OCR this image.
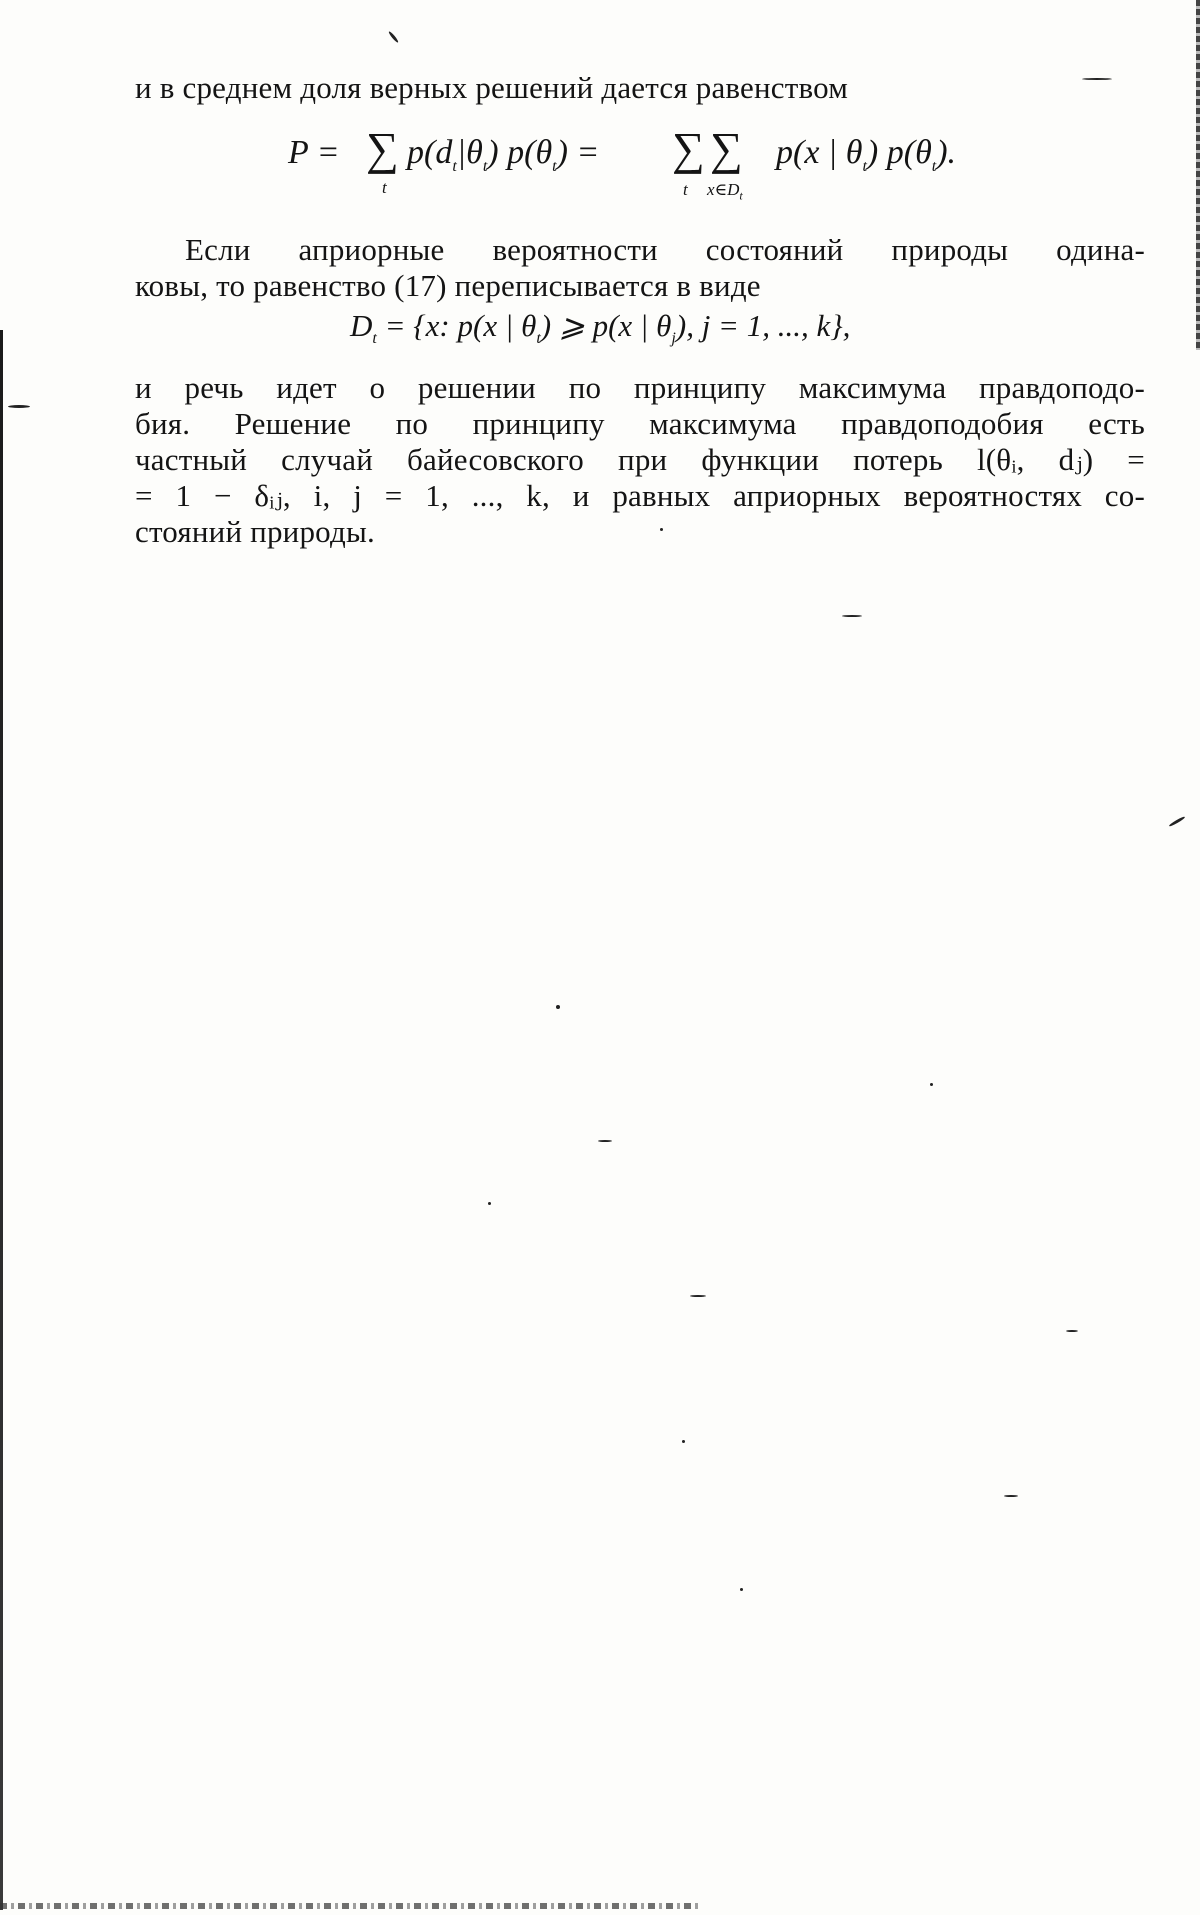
и в среднем доля верных решений дается равенством
P = ∑
t
$p(d_t|\theta_t) p(\theta_t)$ = ∑
t
∑
$x\in D_t$
p(x | $\theta_t$) $p(\theta_t)$.
Если априорные вероятности состояний природы одина-
ковы, то равенство (17) переписывается в виде
$D_t = \{x$: p(x | $\theta_t$) ⩾ p(x | $\theta_j$), j = 1, ..., k},
и речь идет о решении по принципу максимума правдоподо-
бия. Решение по принципу максимума правдоподобия есть
частный случай байесовского при функции потерь l(θᵢ, dⱼ) =
= 1 − δᵢⱼ, i, j = 1, ..., k, и равных априорных вероятностях со-
стояний природы.
